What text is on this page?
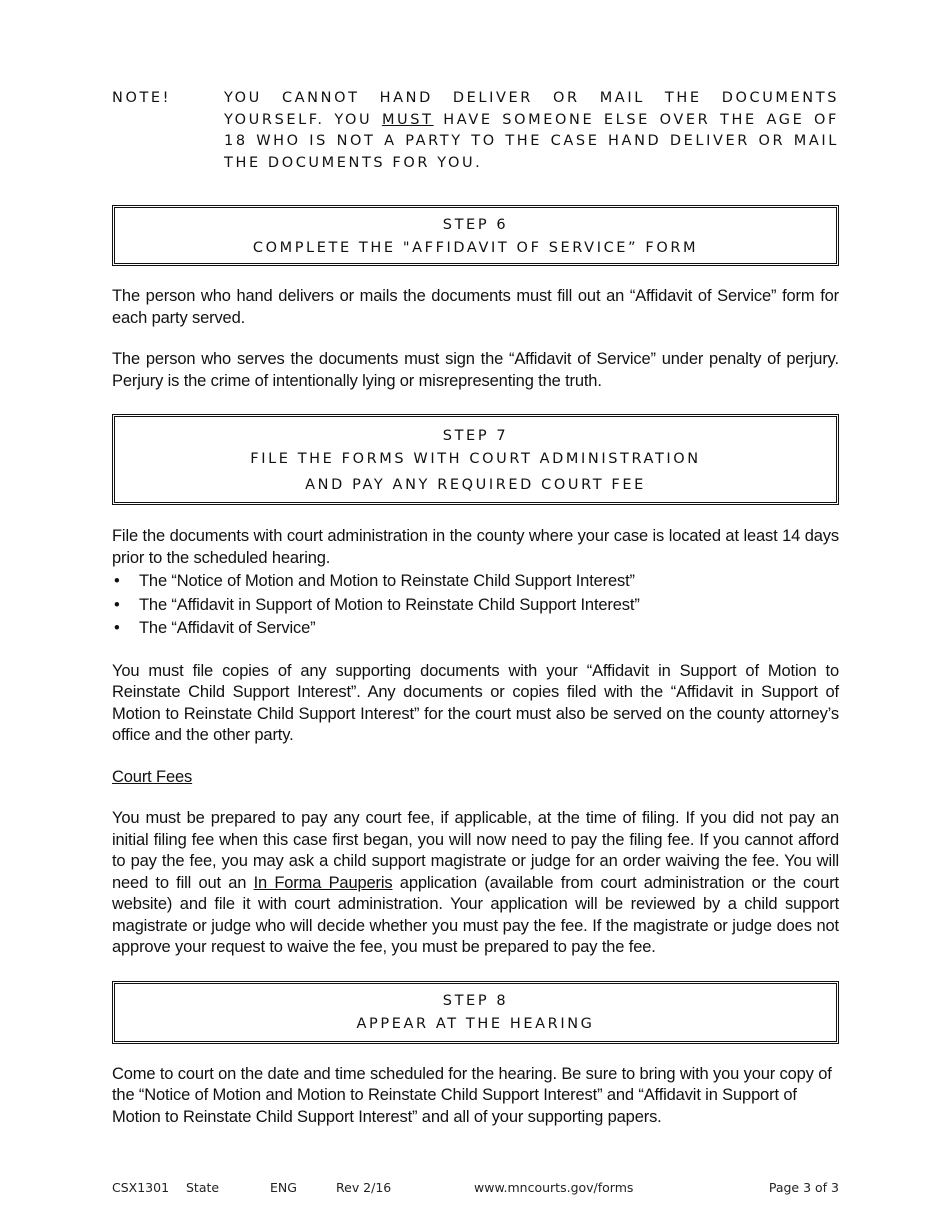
NOTE!	YOU CANNOT HAND DELIVER OR MAIL THE DOCUMENTS YOURSELF. YOU MUST HAVE SOMEONE ELSE OVER THE AGE OF 18 WHO IS NOT A PARTY TO THE CASE HAND DELIVER OR MAIL THE DOCUMENTS FOR YOU.
STEP 6
COMPLETE THE "AFFIDAVIT OF SERVICE” FORM
The person who hand delivers or mails the documents must fill out an “Affidavit of Service” form for each party served.
The person who serves the documents must sign the “Affidavit of Service” under penalty of perjury. Perjury is the crime of intentionally lying or misrepresenting the truth.
STEP 7
FILE THE FORMS WITH COURT ADMINISTRATION
AND PAY ANY REQUIRED COURT FEE
File the documents with court administration in the county where your case is located at least 14 days prior to the scheduled hearing.
• The “Notice of Motion and Motion to Reinstate Child Support Interest”
• The “Affidavit in Support of Motion to Reinstate Child Support Interest”
• The “Affidavit of Service”
You must file copies of any supporting documents with your “Affidavit in Support of Motion to Reinstate Child Support Interest”. Any documents or copies filed with the “Affidavit in Support of Motion to Reinstate Child Support Interest” for the court must also be served on the county attorney’s office and the other party.
Court Fees
You must be prepared to pay any court fee, if applicable, at the time of filing. If you did not pay an initial filing fee when this case first began, you will now need to pay the filing fee. If you cannot afford to pay the fee, you may ask a child support magistrate or judge for an order waiving the fee. You will need to fill out an In Forma Pauperis application (available from court administration or the court website) and file it with court administration. Your application will be reviewed by a child support magistrate or judge who will decide whether you must pay the fee. If the magistrate or judge does not approve your request to waive the fee, you must be prepared to pay the fee.
STEP 8
APPEAR AT THE HEARING
Come to court on the date and time scheduled for the hearing. Be sure to bring with you your copy of the “Notice of Motion and Motion to Reinstate Child Support Interest” and “Affidavit in Support of Motion to Reinstate Child Support Interest” and all of your supporting papers.
CSX1301 State	ENG	Rev 2/16	www.mncourts.gov/forms	Page 3 of 3
